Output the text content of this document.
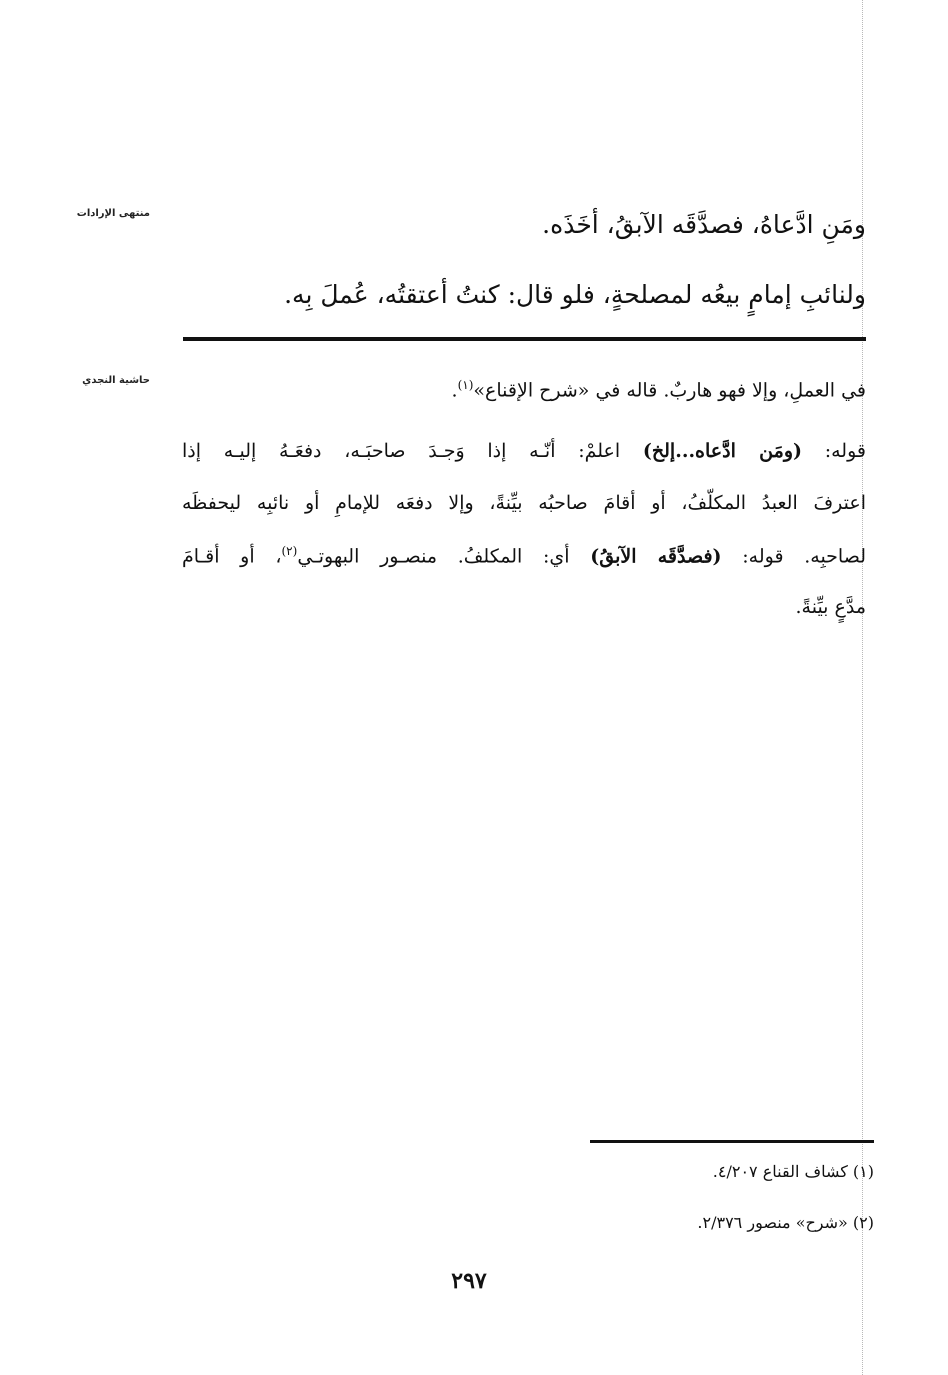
منتهى الإرادات
حاشية النجدي
ومَنِ ادَّعاهُ، فصدَّقَه الآبقُ، أخَذَه.
ولنائبِ إمامٍ بيعُه لمصلحةٍ، فلو قال: كنتُ أعتقتُه، عُملَ بِه.
في العملِ، وإلا فهو هاربٌ. قاله في «شرح الإقناع»$^{(١)}$.
قوله: (ومَن ادَّعاه...إلخ) اعلمْ: أنّـه إذا وَجـدَ صاحبَـه، دفعَـهُ إليـه إذا
اعترفَ العبدُ المكلّفُ، أو أقامَ صاحبُه بيِّنةً، وإلا دفعَه للإمامِ أو نائبِه ليحفظَه
لصاحبِه. قوله: (فصدَّقَه الآبقُ) أي: المكلفُ. منصـور البهوتـي$^{(٢)}$، أو أقـامَ
مدَّعٍ بيِّنةً.
(١) كشاف القناع ٤/٢٠٧.
(٢) «شرح» منصور ٢/٣٧٦.
٢٩٧
